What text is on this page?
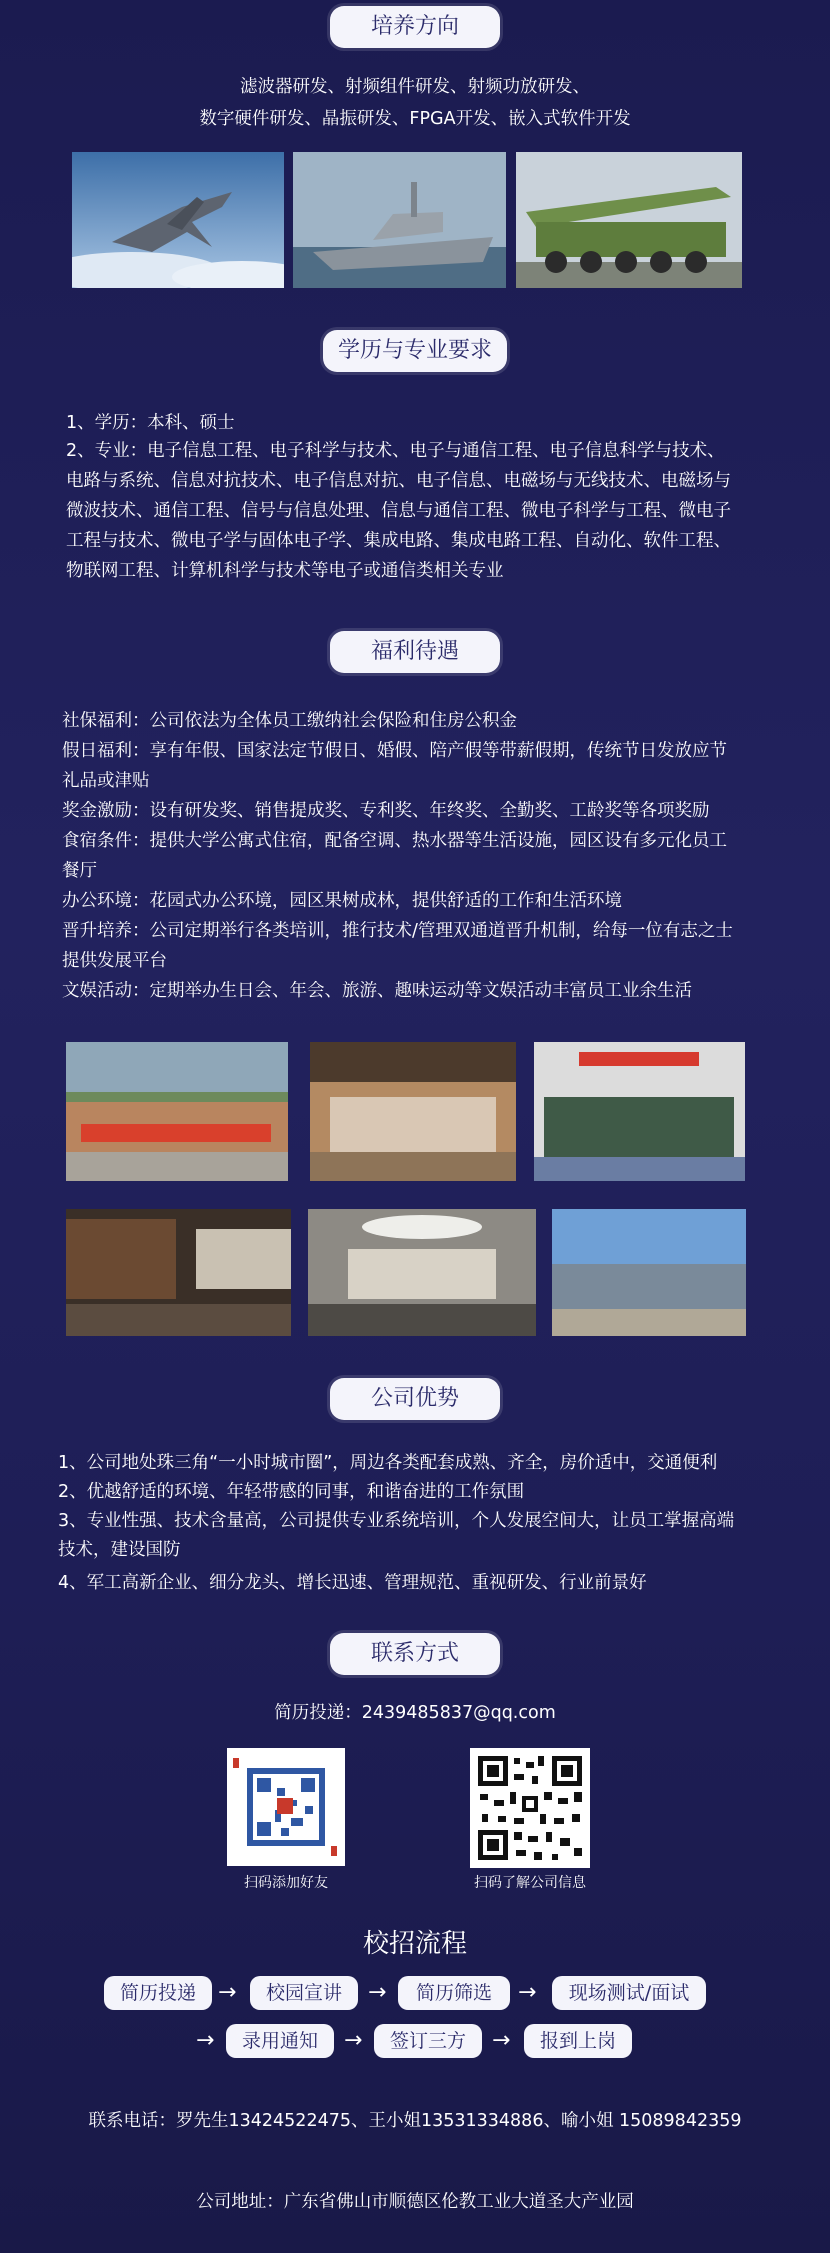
培养方向
滤波器研发、射频组件研发、射频功放研发、
数字硬件研发、晶振研发、FPGA开发、嵌入式软件开发
学历与专业要求
1、学历：本科、硕士
2、专业：电子信息工程、电子科学与技术、电子与通信工程、电子信息科学与技术、
电路与系统、信息对抗技术、电子信息对抗、电子信息、电磁场与无线技术、电磁场与
微波技术、通信工程、信号与信息处理、信息与通信工程、微电子科学与工程、微电子
工程与技术、微电子学与固体电子学、集成电路、集成电路工程、自动化、软件工程、
物联网工程、计算机科学与技术等电子或通信类相关专业
福利待遇
社保福利：公司依法为全体员工缴纳社会保险和住房公积金
假日福利：享有年假、国家法定节假日、婚假、陪产假等带薪假期，传统节日发放应节
礼品或津贴
奖金激励：设有研发奖、销售提成奖、专利奖、年终奖、全勤奖、工龄奖等各项奖励
食宿条件：提供大学公寓式住宿，配备空调、热水器等生活设施，园区设有多元化员工
餐厅
办公环境：花园式办公环境，园区果树成林，提供舒适的工作和生活环境
晋升培养：公司定期举行各类培训，推行技术/管理双通道晋升机制，给每一位有志之士
提供发展平台
文娱活动：定期举办生日会、年会、旅游、趣味运动等文娱活动丰富员工业余生活
公司优势
1、公司地处珠三角“一小时城市圈”，周边各类配套成熟、齐全，房价适中，交通便利
2、优越舒适的环境、年轻带感的同事，和谐奋进的工作氛围
3、专业性强、技术含量高，公司提供专业系统培训，个人发展空间大，让员工掌握高端
技术，建设国防
4、军工高新企业、细分龙头、增长迅速、管理规范、重视研发、行业前景好
联系方式
简历投递：2439485837@qq.com
扫码添加好友	扫码了解公司信息
校招流程
简历投递	→	校园宣讲	→	简历筛选	→	现场测试/面试
→	录用通知	→	签订三方	→	报到上岗
联系电话：罗先生13424522475、王小姐13531334886、喻小姐 15089842359
公司地址：广东省佛山市顺德区伦教工业大道圣大产业园
